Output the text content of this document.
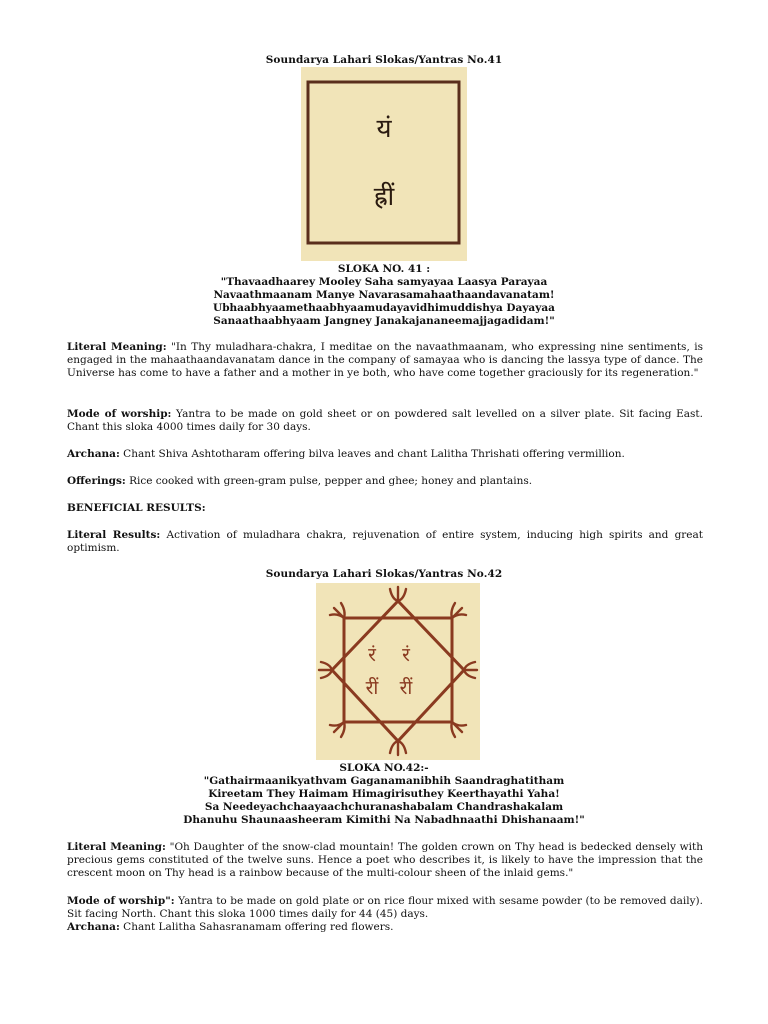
Soundarya Lahari Slokas/Yantras No.41
यं
ह्रीं
SLOKA NO. 41 :
"Thavaadhaarey Mooley Saha samyayaa Laasya Parayaa
Navaathmaanam Manye Navarasamahaathaandavanatam!
Ubhaabhyaamethaabhyaamudayavidhimuddishya Dayayaa
Sanaathaabhyaam Jangney Janakajananeemajjagadidam!"
Literal Meaning: "In Thy muladhara-chakra, I meditae on the navaathmaanam, who expressing nine sentiments, is engaged in the mahaathaandavanatam dance in the company of samayaa who is dancing the lassya type of dance. The Universe has come to have a father and a mother in ye both, who have come together graciously for its regeneration."
Mode of worship: Yantra to be made on gold sheet or on powdered salt levelled on a silver plate. Sit facing East. Chant this sloka 4000 times daily for 30 days.
Archana: Chant Shiva Ashtotharam offering bilva leaves and chant Lalitha Thrishati offering vermillion.
Offerings: Rice cooked with green-gram pulse, pepper and ghee; honey and plantains.
BENEFICIAL RESULTS:
Literal Results: Activation of muladhara chakra, rejuvenation of entire system, inducing high spirits and great optimism.
Soundarya Lahari Slokas/Yantras No.42
रं रं
रीं रीं
SLOKA NO.42:-
"Gathairmaanikyathvam Gaganamanibhih Saandraghatitham
Kireetam They Haimam Himagirisuthey Keerthayathi Yaha!
Sa Needeyachchaayaachchuranashabalam Chandrashakalam
Dhanuhu Shaunaasheeram Kimithi Na Nabadhnaathi Dhishanaam!"
Literal Meaning: "Oh Daughter of the snow-clad mountain! The golden crown on Thy head is bedecked densely with precious gems constituted of the twelve suns. Hence a poet who describes it, is likely to have the impression that the crescent moon on Thy head is a rainbow because of the multi-colour sheen of the inlaid gems."
Mode of worship": Yantra to be made on gold plate or on rice flour mixed with sesame powder (to be removed daily). Sit facing North. Chant this sloka 1000 times daily for 44 (45) days.
Archana: Chant Lalitha Sahasranamam offering red flowers.
